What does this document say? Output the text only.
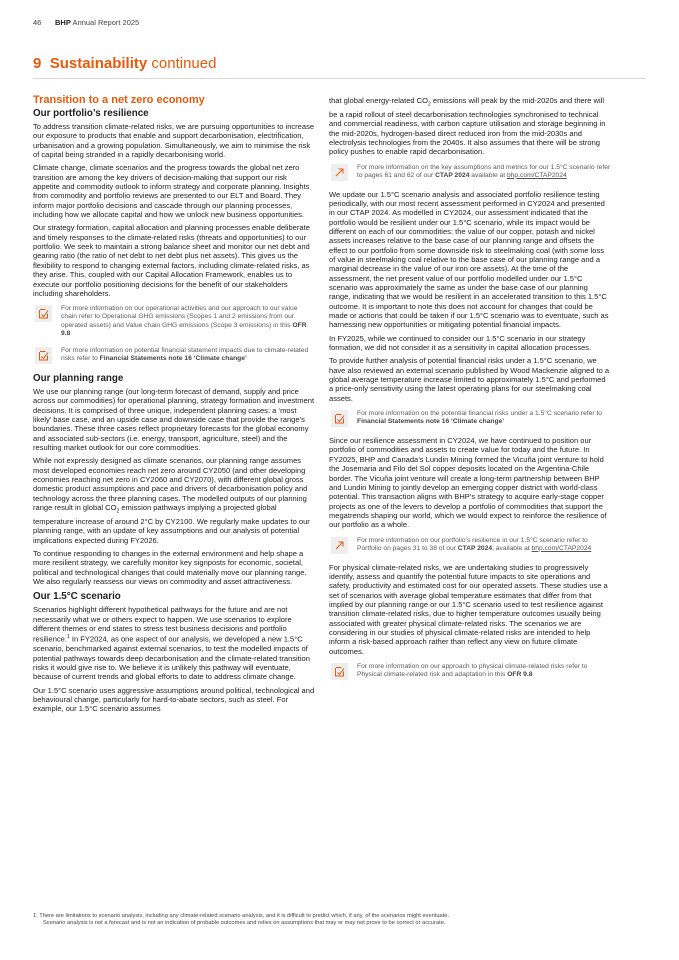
46 BHP Annual Report 2025
9 Sustainability continued
Transition to a net zero economy
Our portfolio’s resilience

To address transition climate-related risks, we are pursuing opportunities to increase our exposure to products that enable and support decarbonisation, electrification, urbanisation and a growing population. Simultaneously, we aim to minimise the risk of capital being stranded in a rapidly decarbonising world.

Climate change, climate scenarios and the progress towards the global net zero transition are among the key drivers of decision-making that support our risk appetite and commodity outlook to inform strategy and corporate planning. Insights from commodity and portfolio reviews are presented to our ELT and Board. They inform major portfolio decisions and cascade through our planning processes, including how we allocate capital and how we unlock new business opportunities.

Our strategy formation, capital allocation and planning processes enable deliberate and timely responses to the climate-related risks (threats and opportunities) to our portfolio. We seek to maintain a strong balance sheet and monitor our net debt and gearing ratio (the ratio of net debt to net debt plus net assets). This gives us the flexibility to respond to changing external factors, including climate-related risks, as they arise. This, coupled with our Capital Allocation Framework, enables us to execute our portfolio positioning decisions for the benefit of our stakeholders including shareholders.

For more information on our operational activities and our approach to our value chain refer to Operational GHG emissions (Scopes 1 and 2 emissions from our operated assets) and Value chain GHG emissions (Scope 3 emissions) in this OFR 9.8
For more information on potential financial statement impacts due to climate-related risks refer to Financial Statements note 16 ‘Climate change’
Our planning range

We use our planning range (our long-term forecast of demand, supply and price across our commodities) for operational planning, strategy formation and investment decisions. It is comprised of three unique, independent planning cases: a ‘most likely’ base case, and an upside case and downside case that provide the range’s boundaries. These three cases reflect proprietary forecasts for the global economy and associated sub-sectors (i.e. energy, transport, agriculture, steel) and the resulting market outlook for our core commodities.

While not expressly designed as climate scenarios, our planning range assumes most developed economies reach net zero around CY2050 (and other developing economies reaching net zero in CY2060 and CY2070), with different global gross domestic product assumptions and pace and drivers of decarbonisation policy and technology across the three planning cases. The modelled outputs of our planning range result in global $CO_2$ emission pathways implying a projected global temperature increase of around 2°C by CY2100. We regularly make updates to our planning range, with an update of key assumptions and our analysis of potential implications expected during FY2026.

To continue responding to changes in the external environment and help shape a more resilient strategy, we carefully monitor key signposts for economic, societal, political and technological changes that could materially move our planning range. We also regularly reassess our views on commodity and asset attractiveness.

Our 1.5°C scenario

Scenarios highlight different hypothetical pathways for the future and are not necessarily what we or others expect to happen. We use scenarios to explore different themes or end states to stress test business decisions and portfolio resilience.$^1$ In FY2024, as one aspect of our analysis, we developed a new 1.5°C scenario, benchmarked against external scenarios, to test the modelled impacts of potential pathways towards deep decarbonisation and the climate-related transition risks it would give rise to. We believe it is unlikely this pathway will eventuate, because of current trends and global efforts to date to address climate change.

Our 1.5°C scenario uses aggressive assumptions around political, technological and behavioural change, particularly for hard-to-abate sectors, such as steel. For example, our 1.5°C scenario assumes

that global energy-related $CO_2$ emissions will peak by the mid-2020s and there will be a rapid rollout of steel decarbonisation technologies synchronised to technical and commercial readiness, with carbon capture utilisation and storage beginning in the mid-2020s, hydrogen-based direct reduced iron from the mid-2030s and electrolysis technologies from the 2040s. It also assumes that there will be strong policy pushes to enable rapid decarbonisation.

For more information on the key assumptions and metrics for our 1.5°C scenario refer to pages 61 and 62 of our CTAP 2024 available at bhp.com/CTAP2024

We update our 1.5°C scenario analysis and associated portfolio resilience testing periodically, with our most recent assessment performed in CY2024 and presented in our CTAP 2024. As modelled in CY2024, our assessment indicated that the portfolio would be resilient under our 1.5°C scenario, while its impact would be different on each of our commodities: the value of our copper, potash and nickel assets increases relative to the base case of our planning range and offsets the effect to our portfolio from some downside risk to steelmaking coal (with some loss of value in steelmaking coal relative to the base case of our planning range and a marginal decrease in the value of our iron ore assets). At the time of the assessment, the net present value of our portfolio modelled under our 1.5°C scenario was approximately the same as under the base case of our planning range, indicating that we would be resilient in an accelerated transition to this 1.5°C outcome. It is important to note this does not account for changes that could be made or actions that could be taken if our 1.5°C scenario was to eventuate, such as harnessing new opportunities or mitigating potential financial impacts.

In FY2025, while we continued to consider our 1.5°C scenario in our strategy formation, we did not consider it as a sensitivity in capital allocation processes.

To provide further analysis of potential financial risks under a 1.5°C scenario, we have also reviewed an external scenario published by Wood Mackenzie aligned to a global average temperature increase limited to approximately 1.5°C and performed a price-only sensitivity using the latest operating plans for our steelmaking coal assets.

For more information on the potential financial risks under a 1.5°C scenario refer to Financial Statements note 16 ‘Climate change’

Since our resilience assessment in CY2024, we have continued to position our portfolio of commodities and assets to create value for today and the future. In FY2025, BHP and Canada’s Lundin Mining formed the Vicuña joint venture to hold the Josemaria and Filo del Sol copper deposits located on the Argentina-Chile border. The Vicuña joint venture will create a long-term partnership between BHP and Lundin Mining to jointly develop an emerging copper district with world-class potential. This transaction aligns with BHP’s strategy to acquire early-stage copper projects as one of the levers to develop a portfolio of commodities that support the megatrends shaping our world, which we would expect to reinforce the resilience of our portfolio as a whole.

For more information on our portfolio’s resilience in our 1.5°C scenario refer to Portfolio on pages 31 to 38 of our CTAP 2024, available at bhp.com/CTAP2024

For physical climate-related risks, we are undertaking studies to progressively identify, assess and quantify the potential future impacts to site operations and safety, productivity and estimated cost for our operated assets. These studies use a set of scenarios with average global temperature estimates that differ from that implied by our planning range or our 1.5°C scenario used to test resilience against transition climate-related risks, due to higher temperature outcomes usually being associated with greater physical climate-related risks. The scenarios we are considering in our studies of physical climate-related risks are intended to help inform a risk-based approach rather than reflect any view on future climate outcomes.

For more information on our approach to physical climate-related risks refer to Physical climate-related risk and adaptation in this OFR 9.8
1. There are limitations to scenario analysis, including any climate-related scenario analysis, and it is difficult to predict which, if any, of the scenarios might eventuate.
Scenario analysis is not a forecast and is not an indication of probable outcomes and relies on assumptions that may or may not prove to be correct or accurate.
